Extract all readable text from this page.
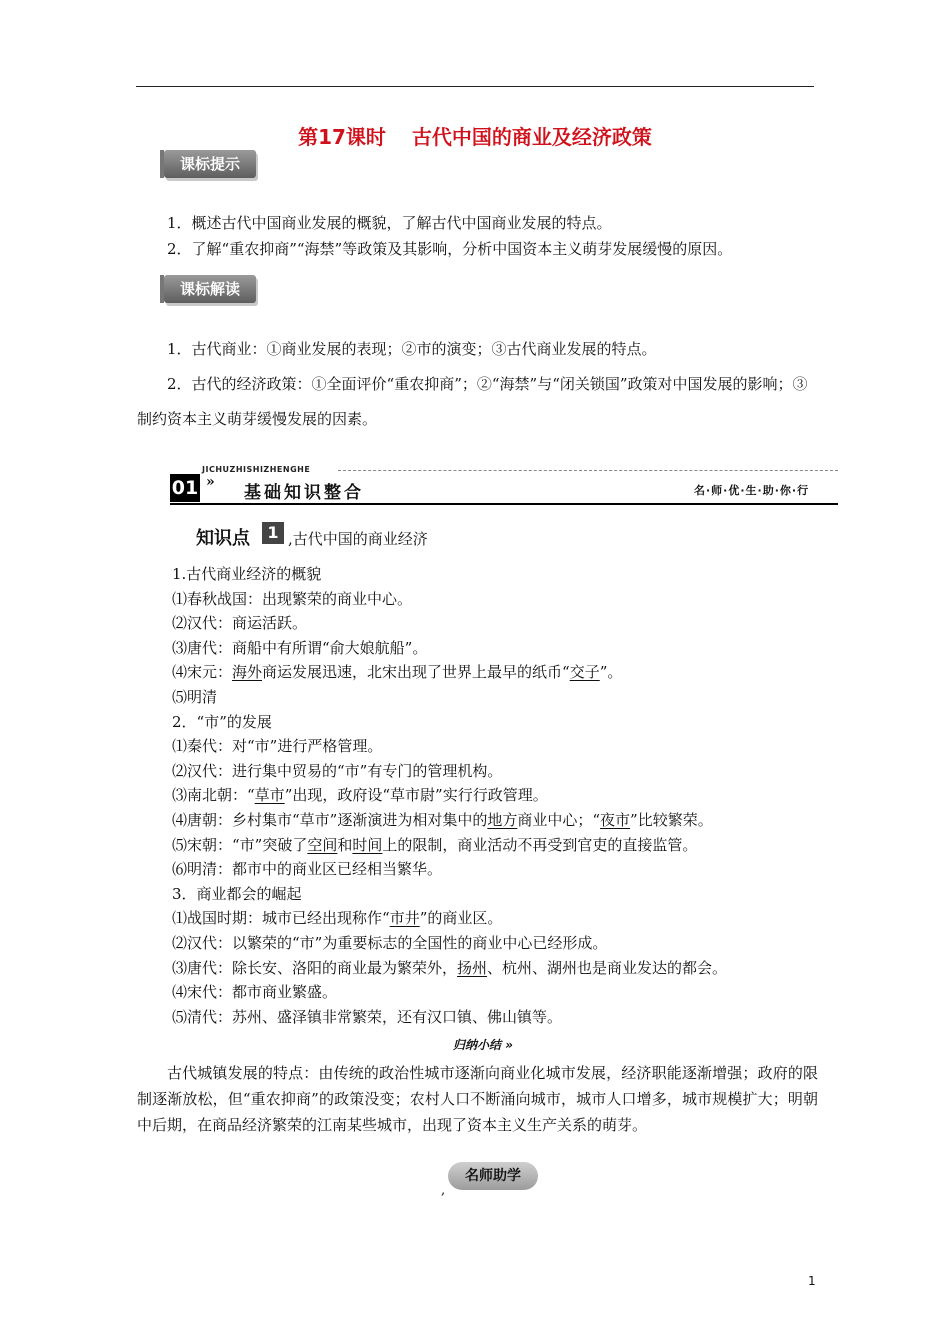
第17课时 古代中国的商业及经济政策
课标提示
1．概述古代中国商业发展的概貌，了解古代中国商业发展的特点。
2．了解“重农抑商”“海禁”等政策及其影响，分析中国资本主义萌芽发展缓慢的原因。
课标解读
1．古代商业：①商业发展的表现；②市的演变；③古代商业发展的特点。
2．古代的经济政策：①全面评价“重农抑商”；②“海禁”与“闭关锁国”政策对中国发展的影响；③制约资本主义萌芽缓慢发展的因素。
JICHUZHISHIZHENGHE
01 »
基础知识整合	名·师·优·生·助·你·行
知识点	1 ,古代中国的商业经济
1.古代商业经济的概貌
⑴春秋战国：出现繁荣的商业中心。
⑵汉代：商运活跃。
⑶唐代：商船中有所谓“俞大娘航船”。
⑷宋元：海外商运发展迅速，北宋出现了世界上最早的纸币“交子”。
⑸明清
2．“市”的发展
⑴秦代：对“市”进行严格管理。
⑵汉代：进行集中贸易的“市”有专门的管理机构。
⑶南北朝：“草市”出现，政府设“草市尉”实行行政管理。
⑷唐朝：乡村集市“草市”逐渐演进为相对集中的地方商业中心；“夜市”比较繁荣。
⑸宋朝：“市”突破了空间和时间上的限制，商业活动不再受到官吏的直接监管。
⑹明清：都市中的商业区已经相当繁华。
3．商业都会的崛起
⑴战国时期：城市已经出现称作“市井”的商业区。
⑵汉代：以繁荣的“市”为重要标志的全国性的商业中心已经形成。
⑶唐代：除长安、洛阳的商业最为繁荣外，扬州、杭州、湖州也是商业发达的都会。
⑷宋代：都市商业繁盛。
⑸清代：苏州、盛泽镇非常繁荣，还有汉口镇、佛山镇等。
归纳小结 »
古代城镇发展的特点：由传统的政治性城市逐渐向商业化城市发展，经济职能逐渐增强；政府的限制逐渐放松，但“重农抑商”的政策没变；农村人口不断涌向城市，城市人口增多，城市规模扩大；明朝中后期，在商品经济繁荣的江南某些城市，出现了资本主义生产关系的萌芽。
名师助学
,
1
